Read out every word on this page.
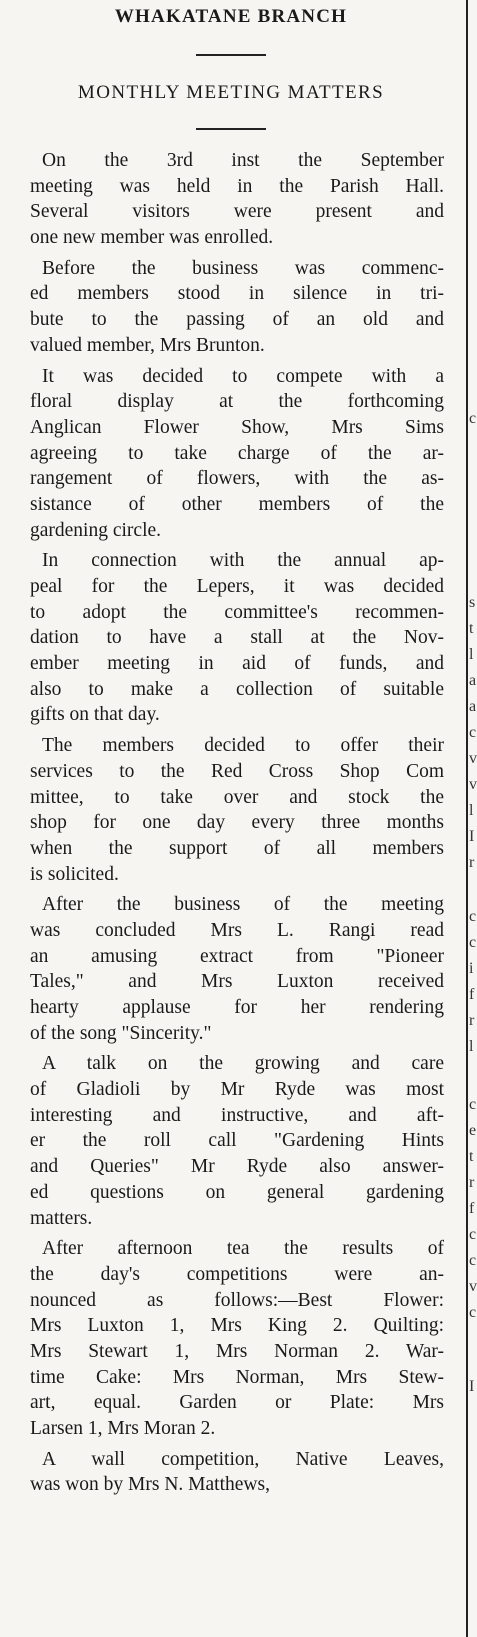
WHAKATANE BRANCH
MONTHLY MEETING MATTERS
On the 3rd inst the September
meeting was held in the Parish Hall.
Several visitors were present and
one new member was enrolled.
Before the business was commenc-
ed members stood in silence in tri-
bute to the passing of an old and
valued member, Mrs Brunton.
It was decided to compete with a
floral display at the forthcoming
Anglican Flower Show, Mrs Sims
agreeing to take charge of the ar-
rangement of flowers, with the as-
sistance of other members of the
gardening circle.
In connection with the annual ap-
peal for the Lepers, it was decided
to adopt the committee's recommen-
dation to have a stall at the Nov-
ember meeting in aid of funds, and
also to make a collection of suitable
gifts on that day.
The members decided to offer their
services to the Red Cross Shop Com
mittee, to take over and stock the
shop for one day every three months
when the support of all members
is solicited.
After the business of the meeting
was concluded Mrs L. Rangi read
an amusing extract from "Pioneer
Tales," and Mrs Luxton received
hearty applause for her rendering
of the song "Sincerity."
A talk on the growing and care
of Gladioli by Mr Ryde was most
interesting and instructive, and aft-
er the roll call "Gardening Hints
and Queries" Mr Ryde also answer-
ed questions on general gardening
matters.
After afternoon tea the results of
the day's competitions were an-
nounced as follows:—Best Flower:
Mrs Luxton 1, Mrs King 2. Quilting:
Mrs Stewart 1, Mrs Norman 2. War-
time Cake: Mrs Norman, Mrs Stew-
art, equal. Garden or Plate: Mrs
Larsen 1, Mrs Moran 2.
A wall competition, Native Leaves,
was won by Mrs N. Matthews,
c
s
t
l
a
a
c
v
v
l
I
r
c
c
i
f
r
l
c
e
t
r
f
c
c
v
c
I
